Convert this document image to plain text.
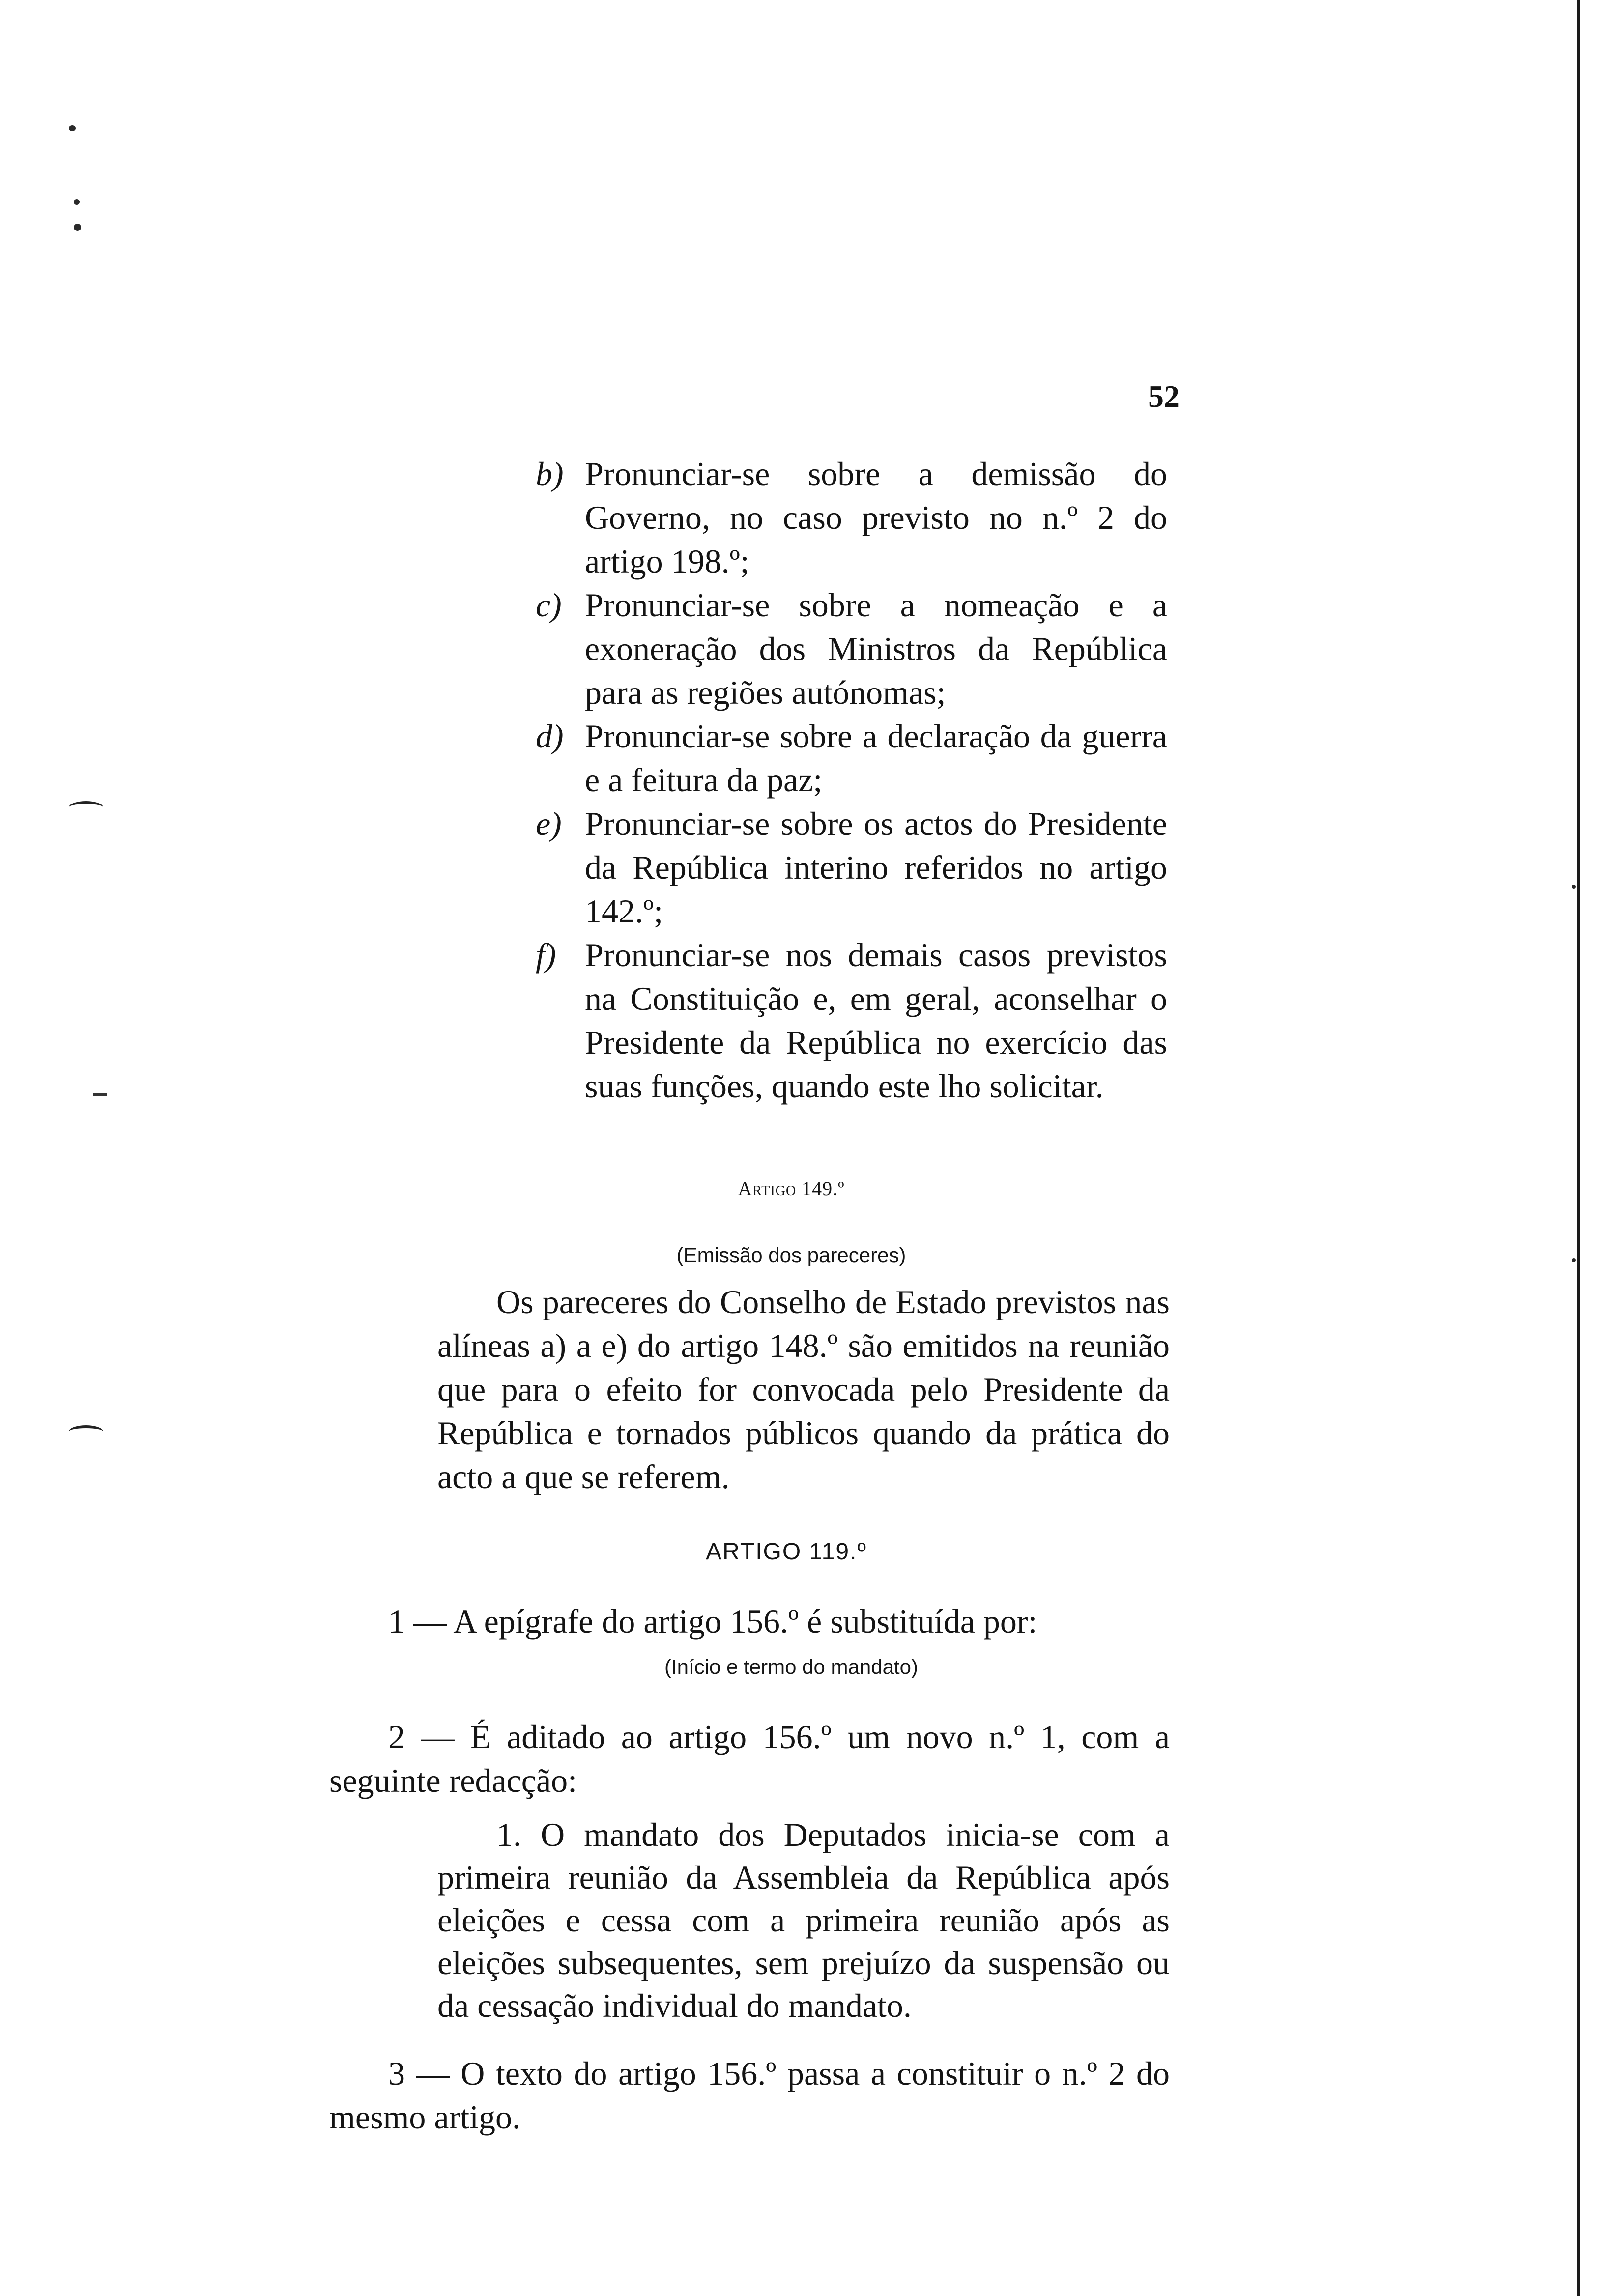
52
b) Pronunciar-se sobre a demissão do Governo, no caso previsto no n.º 2 do artigo 198.º;
c) Pronunciar-se sobre a nomeação e a exoneração dos Ministros da República para as regiões autónomas;
d) Pronunciar-se sobre a declaração da guerra e a feitura da paz;
e) Pronunciar-se sobre os actos do Presidente da República interino referidos no artigo 142.º;
f) Pronunciar-se nos demais casos previstos na Constituição e, em geral, aconselhar o Presidente da República no exercício das suas funções, quando este lho solicitar.
Artigo 149.º
(Emissão dos pareceres)

Os pareceres do Conselho de Estado previstos nas alíneas a) a e) do artigo 148.º são emitidos na reunião que para o efeito for convocada pelo Presidente da República e tornados públicos quando da prática do acto a que se referem.

ARTIGO 119.º

1 — A epígrafe do artigo 156.º é substituída por:

(Início e termo do mandato)

2 — É aditado ao artigo 156.º um novo n.º 1, com a seguinte redacção:

1. O mandato dos Deputados inicia-se com a primeira reunião da Assembleia da República após eleições e cessa com a primeira reunião após as eleições subsequentes, sem prejuízo da suspensão ou da cessação individual do mandato.

3 — O texto do artigo 156.º passa a constituir o n.º 2 do mesmo artigo.
